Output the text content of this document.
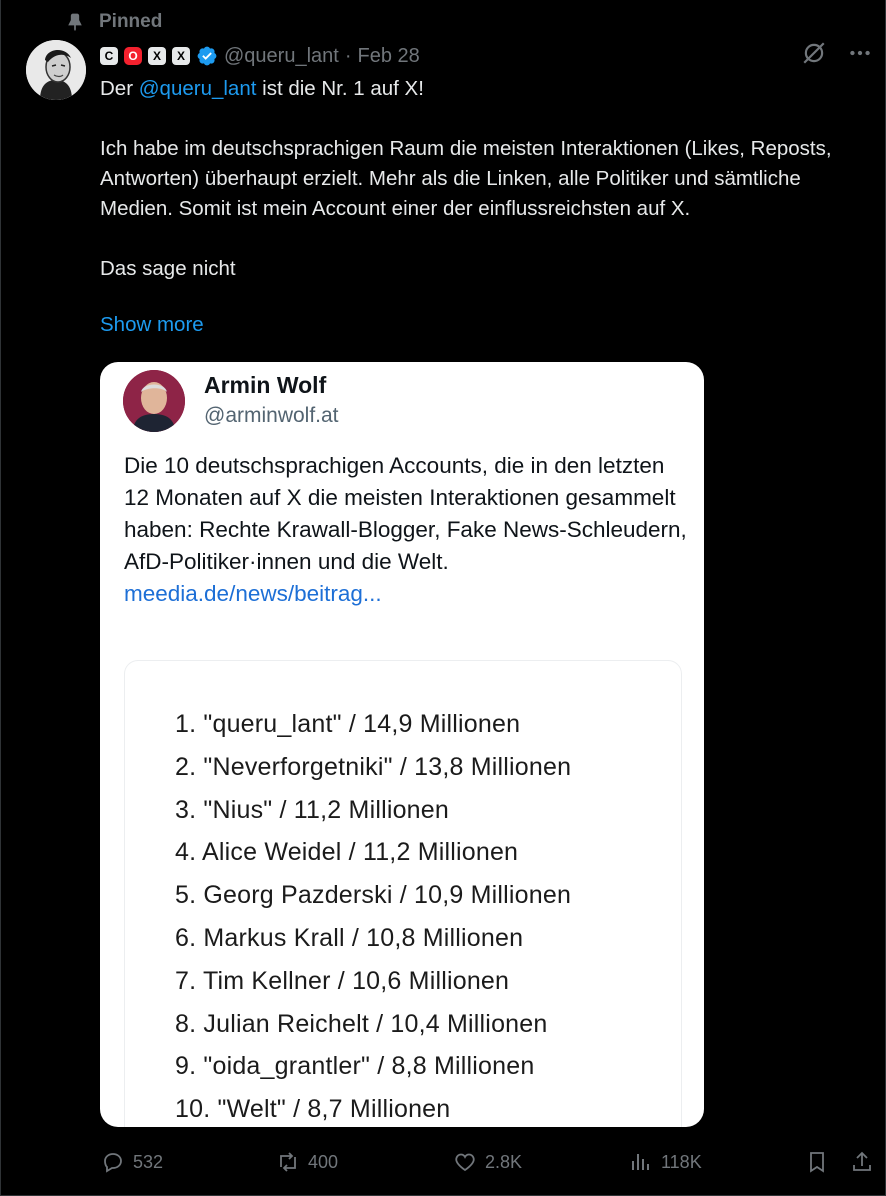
Pinned
C	O	X	X @queru_lant · Feb 28

Der @queru_lant ist die Nr. 1 auf X!

Ich habe im deutschsprachigen Raum die meisten Interaktionen (Likes, Reposts, Antworten) überhaupt erzielt. Mehr als die Linken, alle Politiker und sämtliche Medien. Somit ist mein Account einer der einflussreichsten auf X.

Das sage nicht

Show more
Armin Wolf
@arminwolf.at
Die 10 deutschsprachigen Accounts, die in den letzten 12 Monaten auf X die meisten Interaktionen gesammelt haben: Rechte Krawall-Blogger, Fake News-Schleudern, AfD-Politiker·innen und die Welt.
meedia.de/news/beitrag...
1. "queru_lant" / 14,9 Millionen
2. "Neverforgetniki" / 13,8 Millionen
3. "Nius" / 11,2 Millionen
4. Alice Weidel / 11,2 Millionen
5. Georg Pazderski / 10,9 Millionen
6. Markus Krall / 10,8 Millionen
7. Tim Kellner / 10,6 Millionen
8. Julian Reichelt / 10,4 Millionen
9. "oida_grantler" / 8,8 Millionen
10. "Welt" / 8,7 Millionen
532	400	2.8K	118K
